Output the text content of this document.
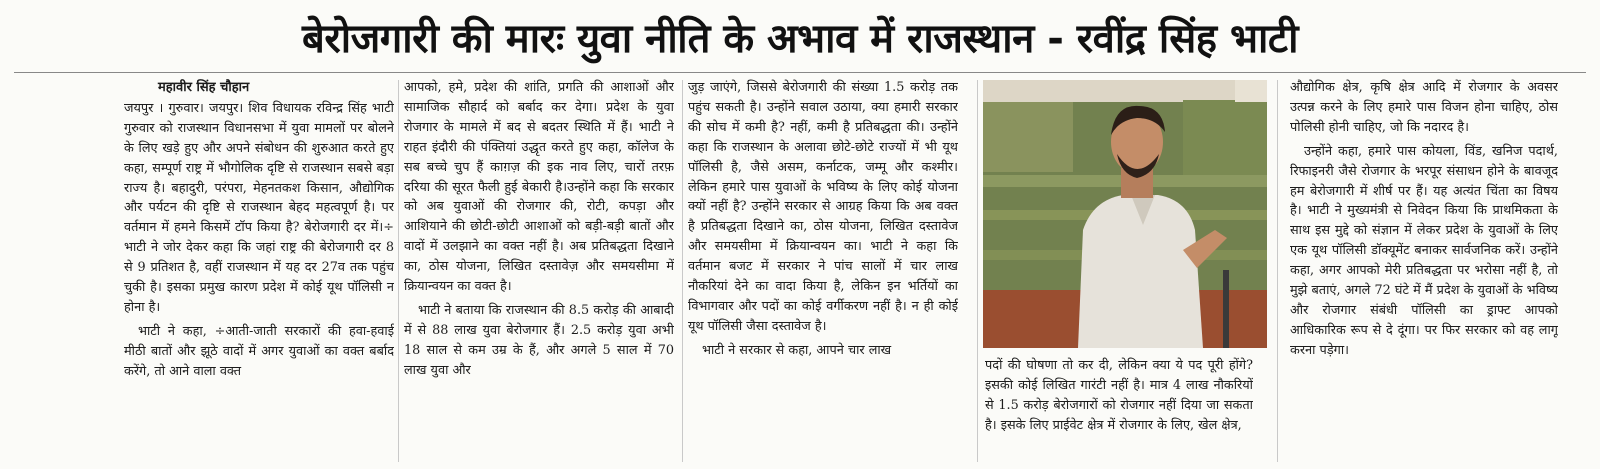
बेरोजगारी की मारः युवा नीति के अभाव में राजस्थान - रवींद्र सिंह भाटी
महावीर सिंह चौहान

जयपुर । गुरुवार। जयपुर। शिव विधायक रविन्द्र सिंह भाटी गुरुवार को राजस्थान विधानसभा में युवा मामलों पर बोलने के लिए खड़े हुए और अपने संबोधन की शुरुआत करते हुए कहा, सम्पूर्ण राष्ट्र में भौगोलिक दृष्टि से राजस्थान सबसे बड़ा राज्य है। बहादुरी, परंपरा, मेहनतकश किसान, औद्योगिक और पर्यटन की दृष्टि से राजस्थान बेहद महत्वपूर्ण है। पर वर्तमान में हमने किसमें टॉप किया है? बेरोजगारी दर में।÷ भाटी ने जोर देकर कहा कि जहां राष्ट्र की बेरोजगारी दर 8 से 9 प्रतिशत है, वहीं राजस्थान में यह दर 27व तक पहुंच चुकी है। इसका प्रमुख कारण प्रदेश में कोई यूथ पॉलिसी न होना है।

भाटी ने कहा, ÷आती-जाती सरकारों की हवा-हवाई मीठी बातों और झूठे वादों में अगर युवाओं का वक्त बर्बाद करेंगे, तो आने वाला वक्त

आपको, हमे, प्रदेश की शांति, प्रगति की आशाओं और सामाजिक सौहार्द को बर्बाद कर देगा। प्रदेश के युवा रोजगार के मामले में बद से बदतर स्थिति में हैं। भाटी ने राहत इंदौरी की पंक्तियां उद्धृत करते हुए कहा, कॉलेज के सब बच्चे चुप हैं काग़ज़ की इक नाव लिए, चारों तरफ़ दरिया की सूरत फैली हुई बेकारी है।उन्होंने कहा कि सरकार को अब युवाओं की रोजगार की, रोटी, कपड़ा और आशियाने की छोटी-छोटी आशाओं को बड़ी-बड़ी बातों और वादों में उलझाने का वक्त नहीं है। अब प्रतिबद्धता दिखाने का, ठोस योजना, लिखित दस्तावेज़ और समयसीमा में क्रियान्वयन का वक्त है।

भाटी ने बताया कि राजस्थान की 8.5 करोड़ की आबादी में से 88 लाख युवा बेरोजगार हैं। 2.5 करोड़ युवा अभी 18 साल से कम उम्र के हैं, और अगले 5 साल में 70 लाख युवा और

जुड़ जाएंगे, जिससे बेरोजगारी की संख्या 1.5 करोड़ तक पहुंच सकती है। उन्होंने सवाल उठाया, क्या हमारी सरकार की सोच में कमी है? नहीं, कमी है प्रतिबद्धता की। उन्होंने कहा कि राजस्थान के अलावा छोटे-छोटे राज्यों में भी यूथ पॉलिसी है, जैसे असम, कर्नाटक, जम्मू और कश्मीर। लेकिन हमारे पास युवाओं के भविष्य के लिए कोई योजना क्यों नहीं है? उन्होंने सरकार से आग्रह किया कि अब वक्त है प्रतिबद्धता दिखाने का, ठोस योजना, लिखित दस्तावेज और समयसीमा में क्रियान्वयन का। भाटी ने कहा कि वर्तमान बजट में सरकार ने पांच सालों में चार लाख नौकरियां देने का वादा किया है, लेकिन इन भर्तियों का विभागवार और पदों का कोई वर्गीकरण नहीं है। न ही कोई यूथ पॉलिसी जैसा दस्तावेज है।

भाटी ने सरकार से कहा, आपने चार लाख

पदों की घोषणा तो कर दी, लेकिन क्या ये पद पूरी होंगे? इसकी कोई लिखित गारंटी नहीं है। मात्र 4 लाख नौकरियों से 1.5 करोड़ बेरोजगारों को रोजगार नहीं दिया जा सकता है। इसके लिए प्राईवेट क्षेत्र में रोजगार के लिए, खेल क्षेत्र,

औद्योगिक क्षेत्र, कृषि क्षेत्र आदि में रोजगार के अवसर उत्पन्न करने के लिए हमारे पास विजन होना चाहिए, ठोस पोलिसी होनी चाहिए, जो कि नदारद है।

उन्होंने कहा, हमारे पास कोयला, विंड, खनिज पदार्थ, रिफाइनरी जैसे रोजगार के भरपूर संसाधन होने के बावजूद हम बेरोजगारी में शीर्ष पर हैं। यह अत्यंत चिंता का विषय है। भाटी ने मुख्यमंत्री से निवेदन किया कि प्राथमिकता के साथ इस मुद्दे को संज्ञान में लेकर प्रदेश के युवाओं के लिए एक यूथ पॉलिसी डॉक्यूमेंट बनाकर सार्वजनिक करें। उन्होंने कहा, अगर आपको मेरी प्रतिबद्धता पर भरोसा नहीं है, तो मुझे बताएं, अगले 72 घंटे में मैं प्रदेश के युवाओं के भविष्य और रोजगार संबंधी पॉलिसी का ड्राफ्ट आपको आधिकारिक रूप से दे दूंगा। पर फिर सरकार को वह लागू करना पड़ेगा।
